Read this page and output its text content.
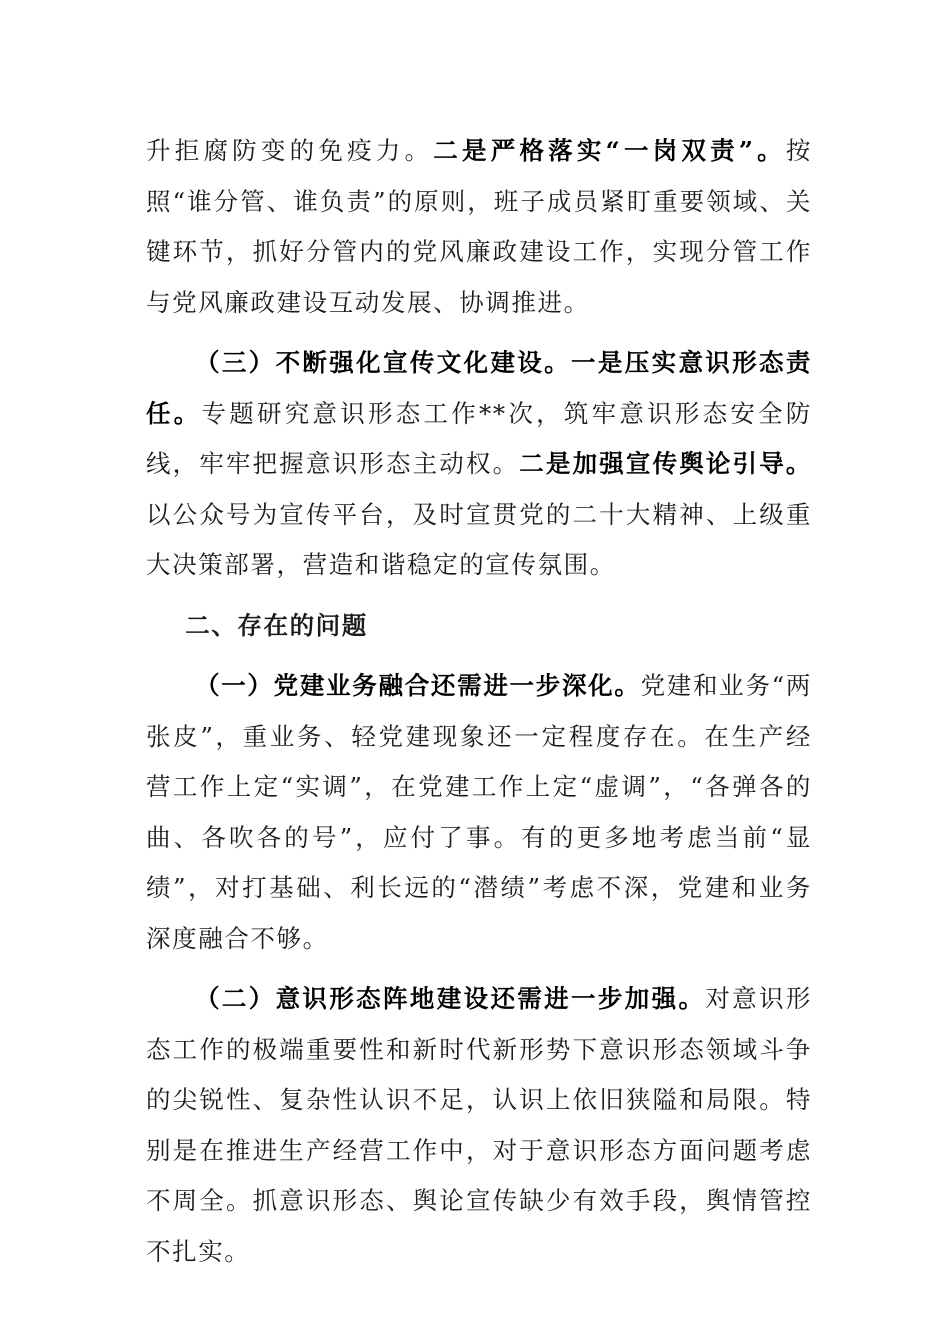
升拒腐防变的免疫力。二是严格落实“一岗双责”。按照“谁分管、谁负责”的原则，班子成员紧盯重要领域、关键环节，抓好分管内的党风廉政建设工作，实现分管工作与党风廉政建设互动发展、协调推进。

（三）不断强化宣传文化建设。一是压实意识形态责任。专题研究意识形态工作**次，筑牢意识形态安全防线，牢牢把握意识形态主动权。二是加强宣传舆论引导。以公众号为宣传平台，及时宣贯党的二十大精神、上级重大决策部署，营造和谐稳定的宣传氛围。

二、存在的问题

（一）党建业务融合还需进一步深化。党建和业务“两张皮”，重业务、轻党建现象还一定程度存在。在生产经营工作上定“实调”，在党建工作上定“虚调”，“各弹各的曲、各吹各的号”，应付了事。有的更多地考虑当前“显绩”，对打基础、利长远的“潜绩”考虑不深，党建和业务深度融合不够。

（二）意识形态阵地建设还需进一步加强。对意识形态工作的极端重要性和新时代新形势下意识形态领域斗争的尖锐性、复杂性认识不足，认识上依旧狭隘和局限。特别是在推进生产经营工作中，对于意识形态方面问题考虑不周全。抓意识形态、舆论宣传缺少有效手段，舆情管控不扎实。
